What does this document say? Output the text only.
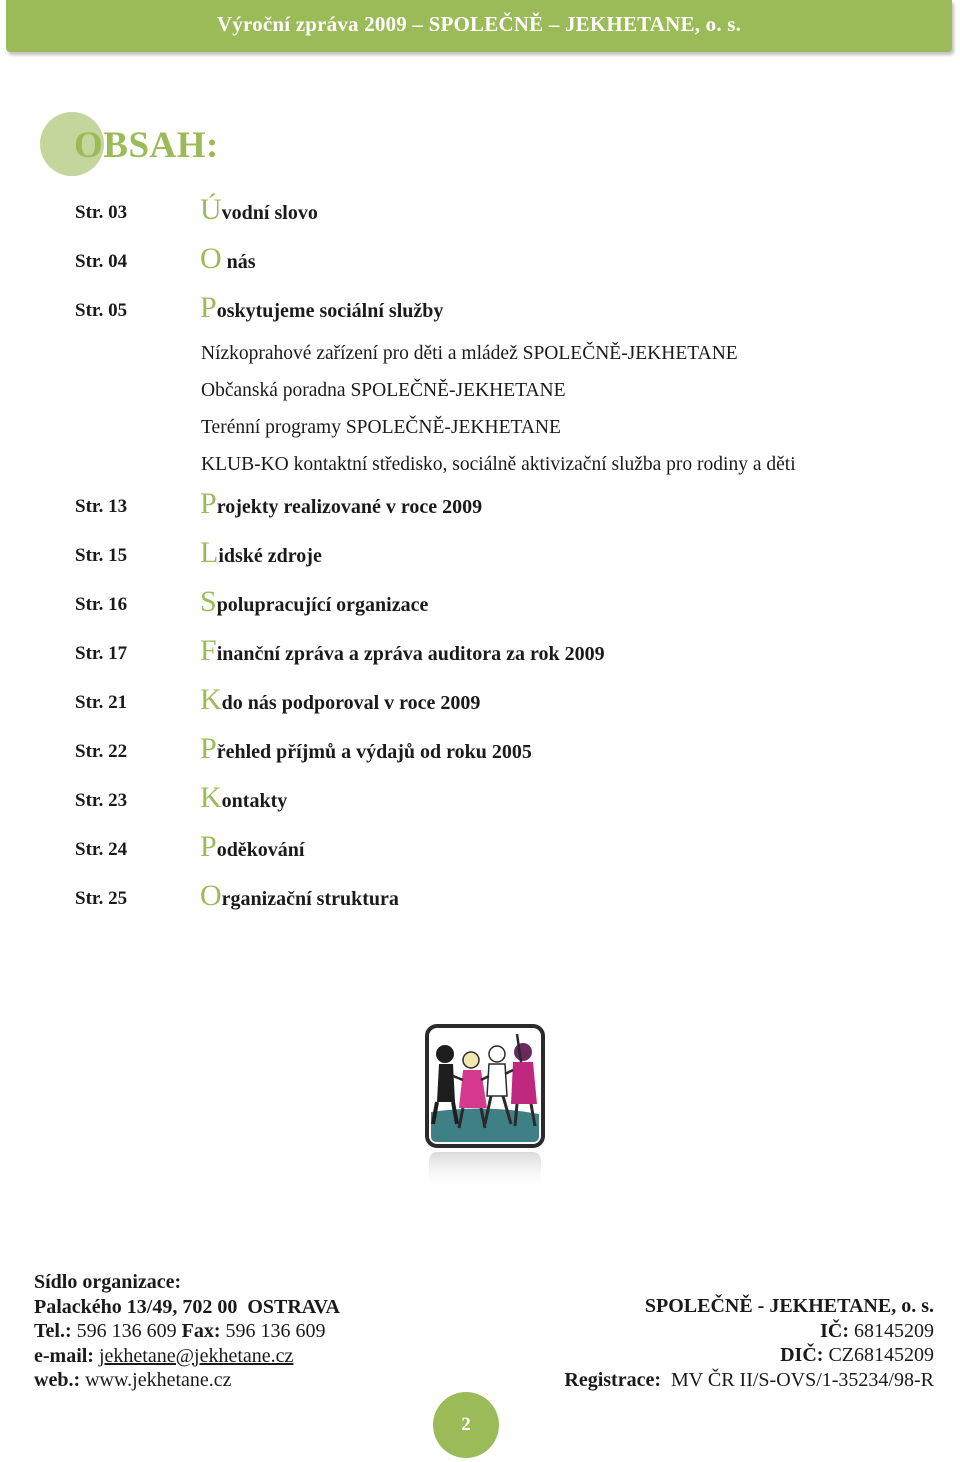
Výroční zpráva 2009 – SPOLEČNĚ – JEKHETANE, o. s.
OBSAH:
Str. 03 Úvodní slovo
Str. 04 O nás
Str. 05 Poskytujeme sociální služby
Nízkoprahové zařízení pro děti a mládež SPOLEČNĚ-JEKHETANE
Občanská poradna SPOLEČNĚ-JEKHETANE
Terénní programy SPOLEČNĚ-JEKHETANE
KLUB-KO kontaktní středisko, sociálně aktivizační služba pro rodiny a děti
Str. 13 Projekty realizované v roce 2009
Str. 15 Lidské zdroje
Str. 16 Spolupracující organizace
Str. 17 Finanční zpráva a zpráva auditora za rok 2009
Str. 21 Kdo nás podporoval v roce 2009
Str. 22 Přehled příjmů a výdajů od roku 2005
Str. 23 Kontakty
Str. 24 Poděkování
Str. 25 Organizační struktura
Sídlo organizace:
Palackého 13/49, 702 00  OSTRAVA
Tel.: 596 136 609 Fax: 596 136 609
e-mail: jekhetane@jekhetane.cz
web.: www.jekhetane.cz
SPOLEČNĚ - JEKHETANE, o. s.
IČ: 68145209
DIČ: CZ68145209
Registrace:  MV ČR II/S-OVS/1-35234/98-R
2
